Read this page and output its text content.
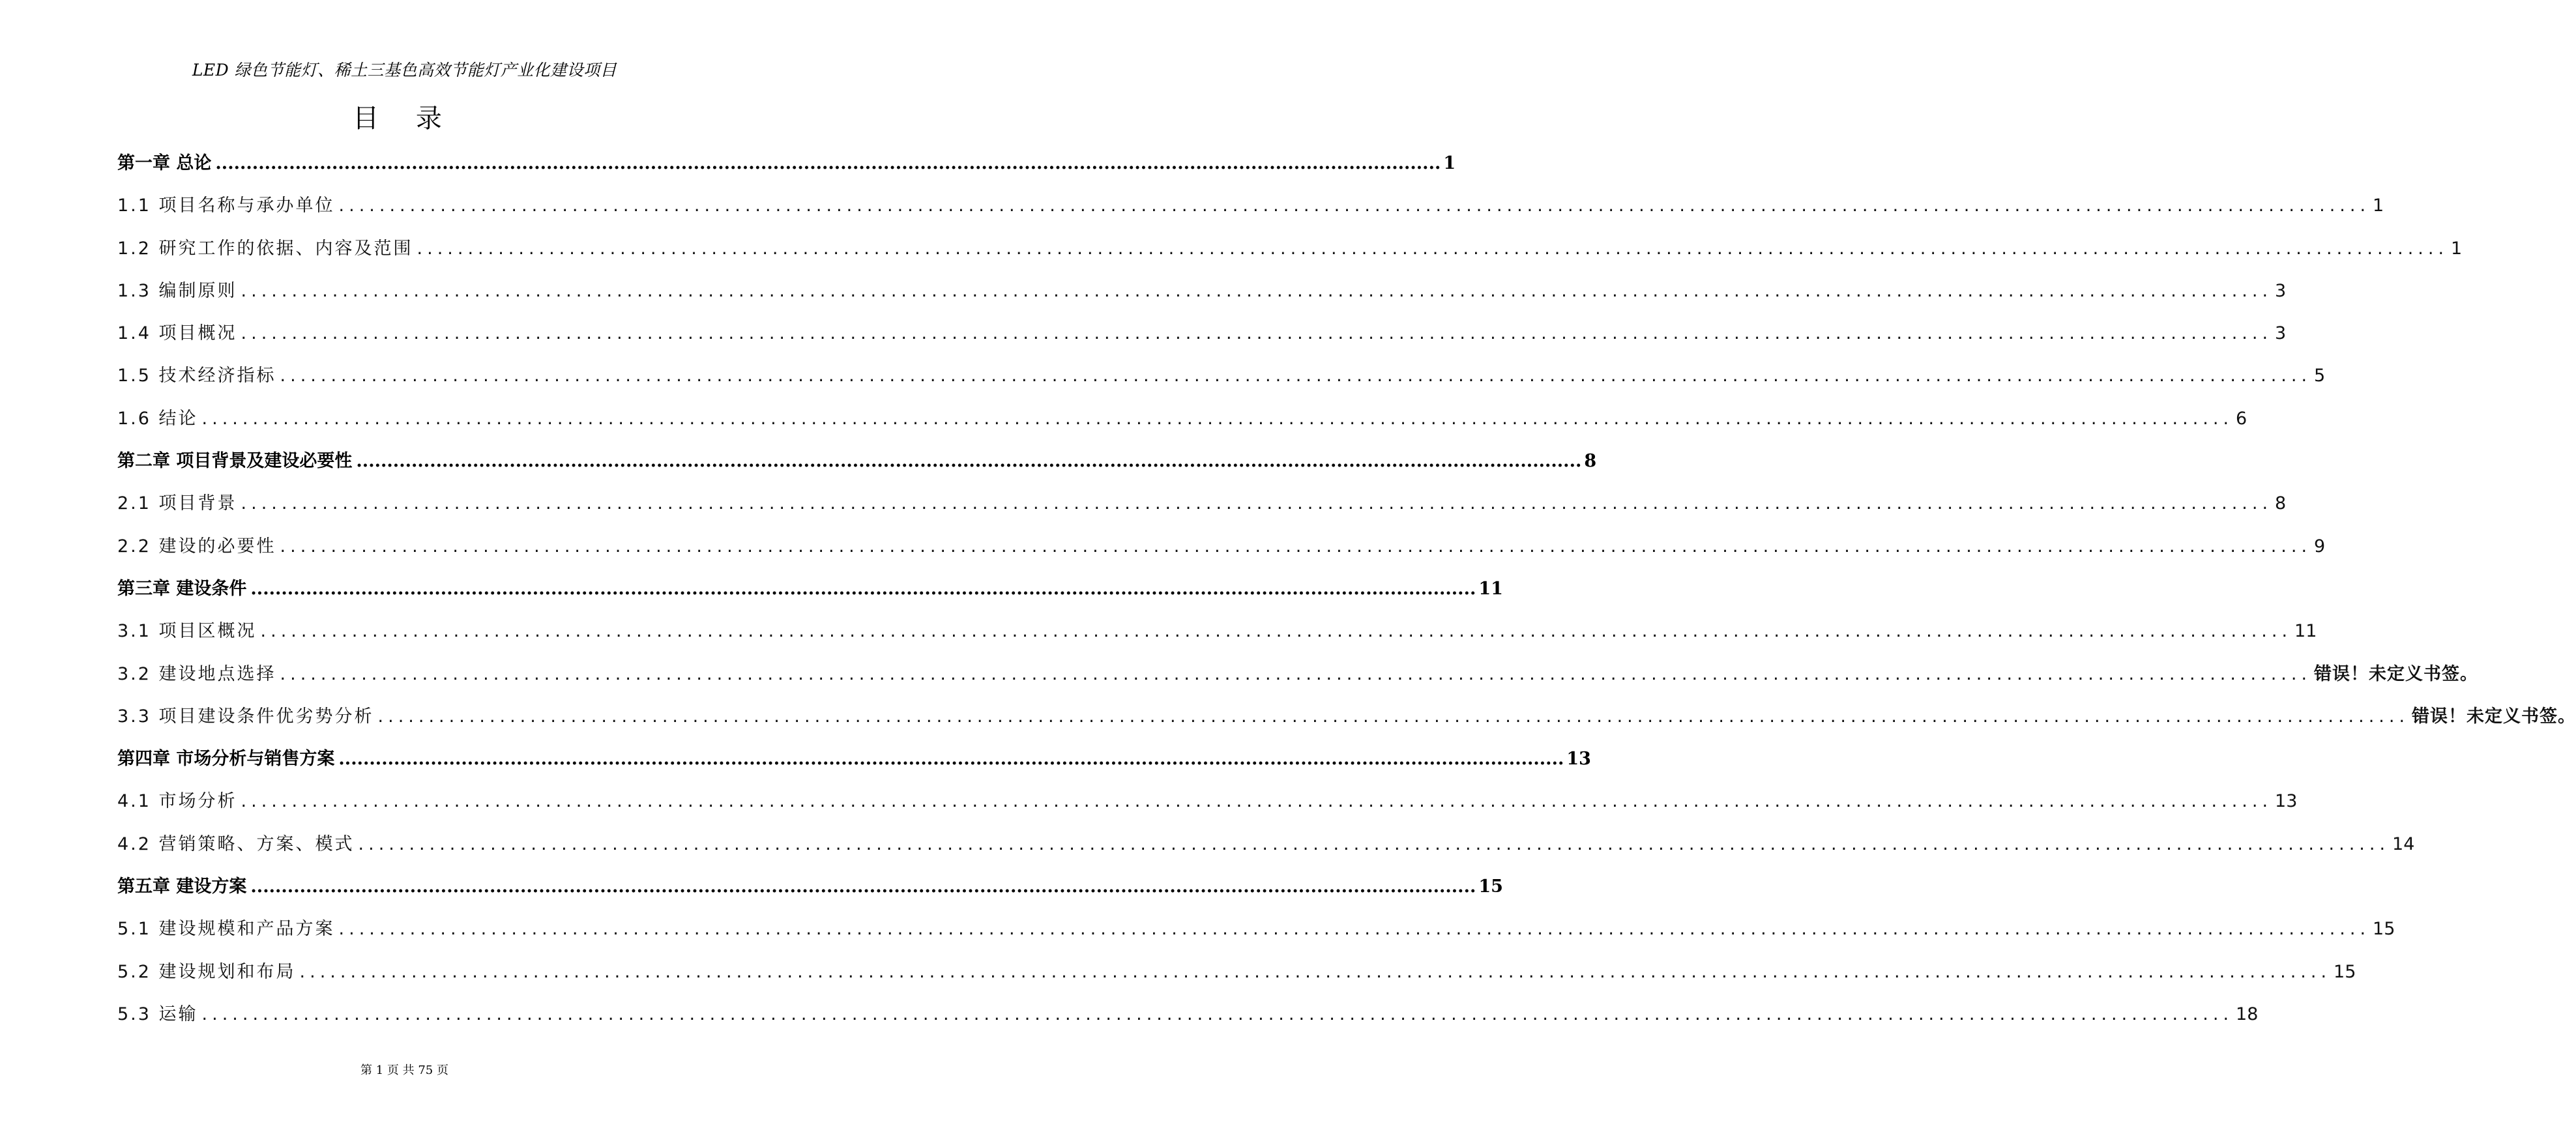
LED 绿色节能灯、稀土三基色高效节能灯产业化建设项目
目 录
第一章 总论 ........................................................................................................................................................................................................ 1
1.1 项目名称与承办单位 ........................................................................................................................................................................................................ 1
1.2 研究工作的依据、内容及范围 ........................................................................................................................................................................................................ 1
1.3 编制原则 ........................................................................................................................................................................................................ 3
1.4 项目概况 ........................................................................................................................................................................................................ 3
1.5 技术经济指标 ........................................................................................................................................................................................................ 5
1.6 结论 ........................................................................................................................................................................................................ 6
第二章 项目背景及建设必要性 ........................................................................................................................................................................................................ 8
2.1 项目背景 ........................................................................................................................................................................................................ 8
2.2 建设的必要性 ........................................................................................................................................................................................................ 9
第三章 建设条件 ........................................................................................................................................................................................................ 11
3.1 项目区概况 ........................................................................................................................................................................................................ 11
3.2 建设地点选择 ........................................................................................................................................................................................................ 错误！未定义书签。
3.3 项目建设条件优劣势分析 ........................................................................................................................................................................................................ 错误！未定义书签。
第四章 市场分析与销售方案 ........................................................................................................................................................................................................ 13
4.1 市场分析 ........................................................................................................................................................................................................ 13
4.2 营销策略、方案、模式 ........................................................................................................................................................................................................ 14
第五章 建设方案 ........................................................................................................................................................................................................ 15
5.1 建设规模和产品方案 ........................................................................................................................................................................................................ 15
5.2 建设规划和布局 ........................................................................................................................................................................................................ 15
5.3 运输 ........................................................................................................................................................................................................ 18
第 1 页 共 75 页
